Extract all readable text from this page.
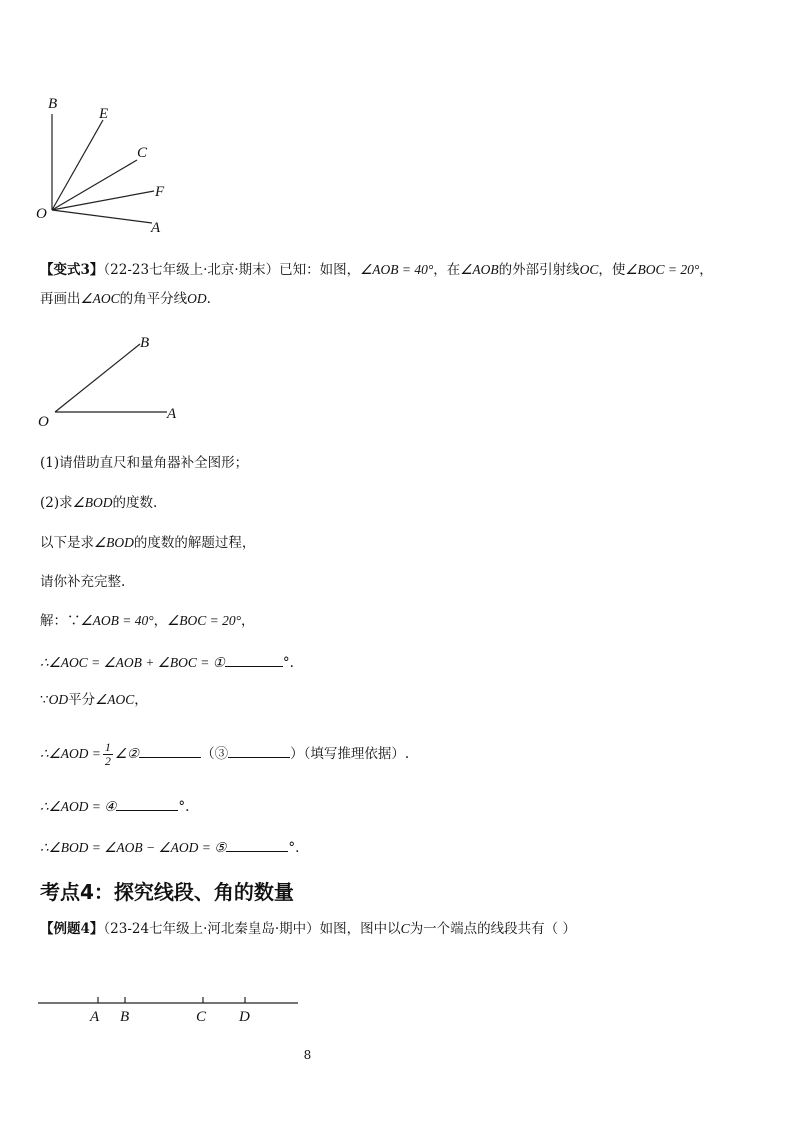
B
E
C
F
O
A
【变式3】（22-23七年级上·北京·期末）已知：如图，∠AOB = 40°，在∠AOB的外部引射线OC，使∠BOC = 20°，
再画出∠AOC的角平分线OD.
B
O	A
(1)请借助直尺和量角器补全图形；
(2)求∠BOD的度数.
以下是求∠BOD的度数的解题过程，
请你补充完整.
解：∵∠AOB = 40°，∠BOC = 20°，
∴∠AOC = ∠AOB + ∠BOC = ①	°.
∵OD平分∠AOC，
∴∠AOD = $\frac{1}{2}$ ∠②	（③	）（填写推理依据）.
∴∠AOD = ④	°.
∴∠BOD = ∠AOB − ∠AOD = ⑤	°.
考点4：探究线段、角的数量
【例题4】（23-24七年级上·河北秦皇岛·期中）如图，图中以C为一个端点的线段共有（ ）
A B	C D
8
